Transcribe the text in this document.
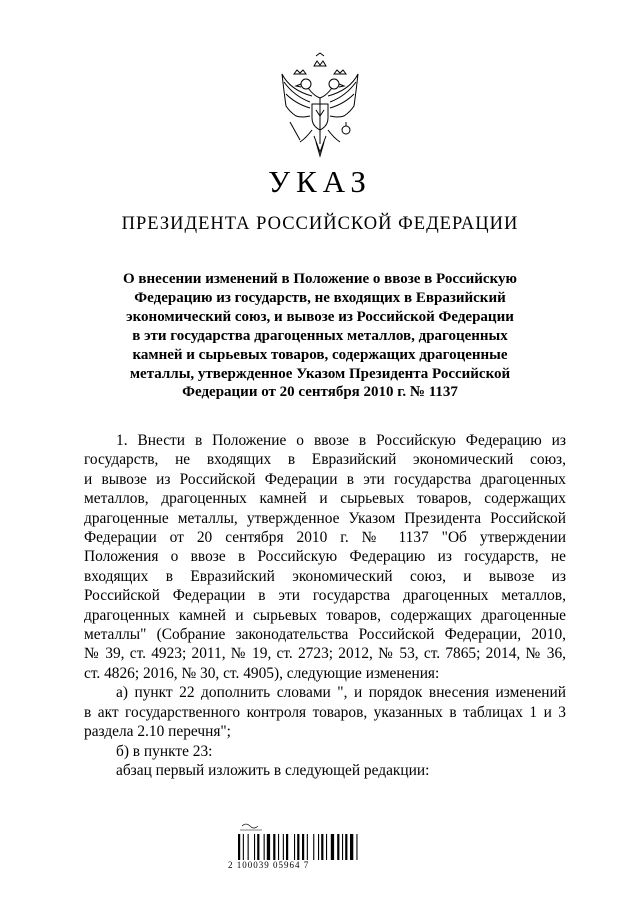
УКАЗ
ПРЕЗИДЕНТА РОССИЙСКОЙ ФЕДЕРАЦИИ
О внесении изменений в Положение о ввозе в Российскую
Федерацию из государств, не входящих в Евразийский
экономический союз, и вывозе из Российской Федерации
в эти государства драгоценных металлов, драгоценных
камней и сырьевых товаров, содержащих драгоценные
металлы, утвержденное Указом Президента Российской
Федерации от 20 сентября 2010 г. № 1137
1. Внести в Положение о ввозе в Российскую Федерацию из
государств, не входящих в Евразийский экономический союз,
и вывозе из Российской Федерации в эти государства драгоценных
металлов, драгоценных камней и сырьевых товаров, содержащих
драгоценные металлы, утвержденное Указом Президента Российской
Федерации от 20 сентября 2010 г. № 1137 "Об утверждении
Положения о ввозе в Российскую Федерацию из государств, не
входящих в Евразийский экономический союз, и вывозе из
Российской Федерации в эти государства драгоценных металлов,
драгоценных камней и сырьевых товаров, содержащих драгоценные
металлы" (Собрание законодательства Российской Федерации, 2010,
№ 39, ст. 4923; 2011, № 19, ст. 2723; 2012, № 53, ст. 7865; 2014, № 36,
ст. 4826; 2016, № 30, ст. 4905), следующие изменения:
а) пункт 22 дополнить словами ", и порядок внесения изменений
в акт государственного контроля товаров, указанных в таблицах 1 и 3
раздела 2.10 перечня";
б) в пункте 23:
абзац первый изложить в следующей редакции:
2 100039 05964 7
